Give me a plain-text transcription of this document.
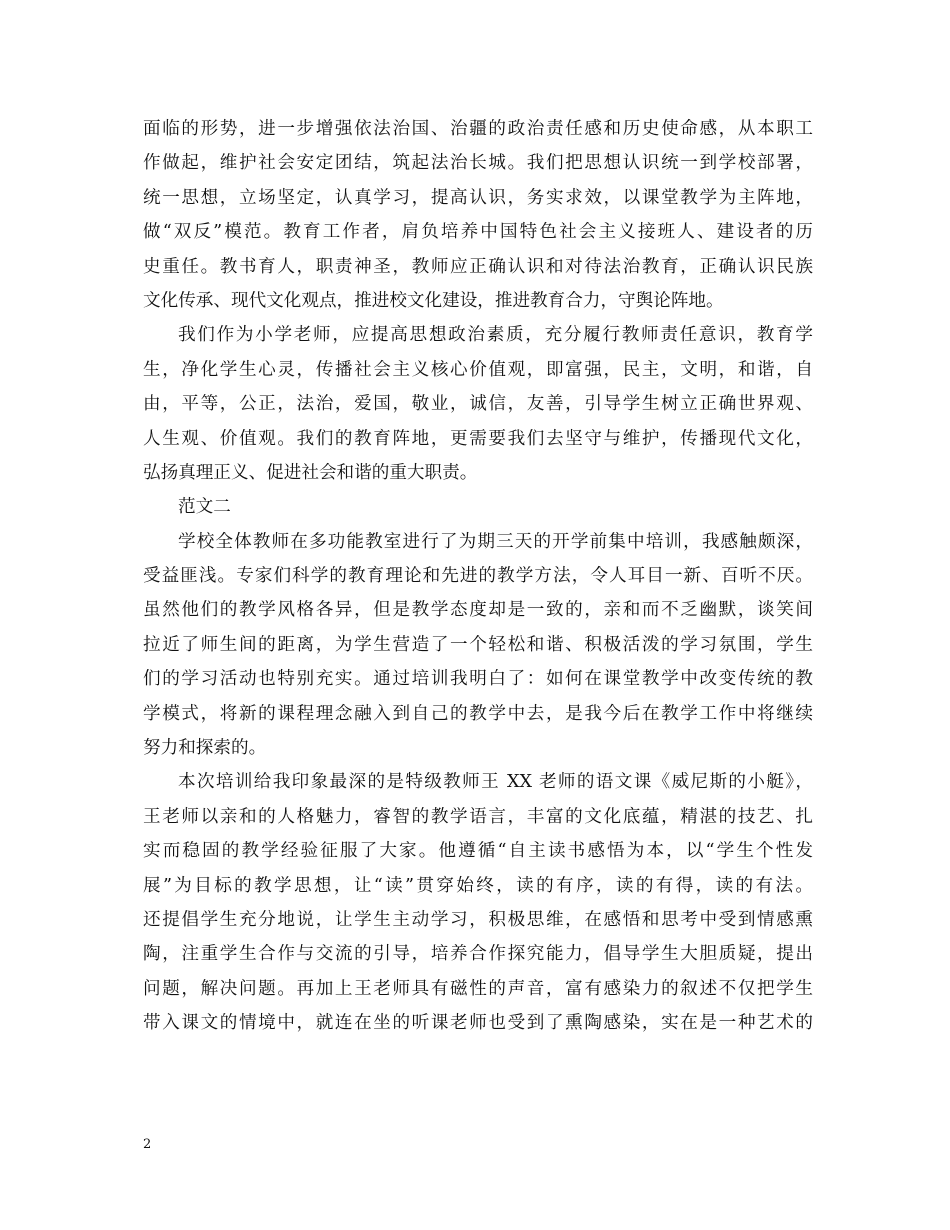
面临的形势，进一步增强依法治国、治疆的政治责任感和历史使命感，从本职工
作做起，维护社会安定团结，筑起法治长城。我们把思想认识统一到学校部署，
统一思想，立场坚定，认真学习，提高认识，务实求效，以课堂教学为主阵地，
做“双反”模范。教育工作者，肩负培养中国特色社会主义接班人、建设者的历
史重任。教书育人，职责神圣，教师应正确认识和对待法治教育，正确认识民族
文化传承、现代文化观点，推进校文化建设，推进教育合力，守舆论阵地。
我们作为小学老师，应提高思想政治素质，充分履行教师责任意识，教育学
生，净化学生心灵，传播社会主义核心价值观，即富强，民主，文明，和谐，自
由，平等，公正，法治，爱国，敬业，诚信，友善，引导学生树立正确世界观、
人生观、价值观。我们的教育阵地，更需要我们去坚守与维护，传播现代文化，
弘扬真理正义、促进社会和谐的重大职责。
范文二
学校全体教师在多功能教室进行了为期三天的开学前集中培训，我感触颇深，
受益匪浅。专家们科学的教育理论和先进的教学方法，令人耳目一新、百听不厌。
虽然他们的教学风格各异，但是教学态度却是一致的，亲和而不乏幽默，谈笑间
拉近了师生间的距离，为学生营造了一个轻松和谐、积极活泼的学习氛围，学生
们的学习活动也特别充实。通过培训我明白了：如何在课堂教学中改变传统的教
学模式，将新的课程理念融入到自己的教学中去，是我今后在教学工作中将继续
努力和探索的。
本次培训给我印象最深的是特级教师王 XX 老师的语文课《威尼斯的小艇》，
王老师以亲和的人格魅力，睿智的教学语言，丰富的文化底蕴，精湛的技艺、扎
实而稳固的教学经验征服了大家。他遵循“自主读书感悟为本，以“学生个性发
展”为目标的教学思想，让“读”贯穿始终，读的有序，读的有得，读的有法。
还提倡学生充分地说，让学生主动学习，积极思维，在感悟和思考中受到情感熏
陶，注重学生合作与交流的引导，培养合作探究能力，倡导学生大胆质疑，提出
问题，解决问题。再加上王老师具有磁性的声音，富有感染力的叙述不仅把学生
带入课文的情境中，就连在坐的听课老师也受到了熏陶感染，实在是一种艺术的
2
